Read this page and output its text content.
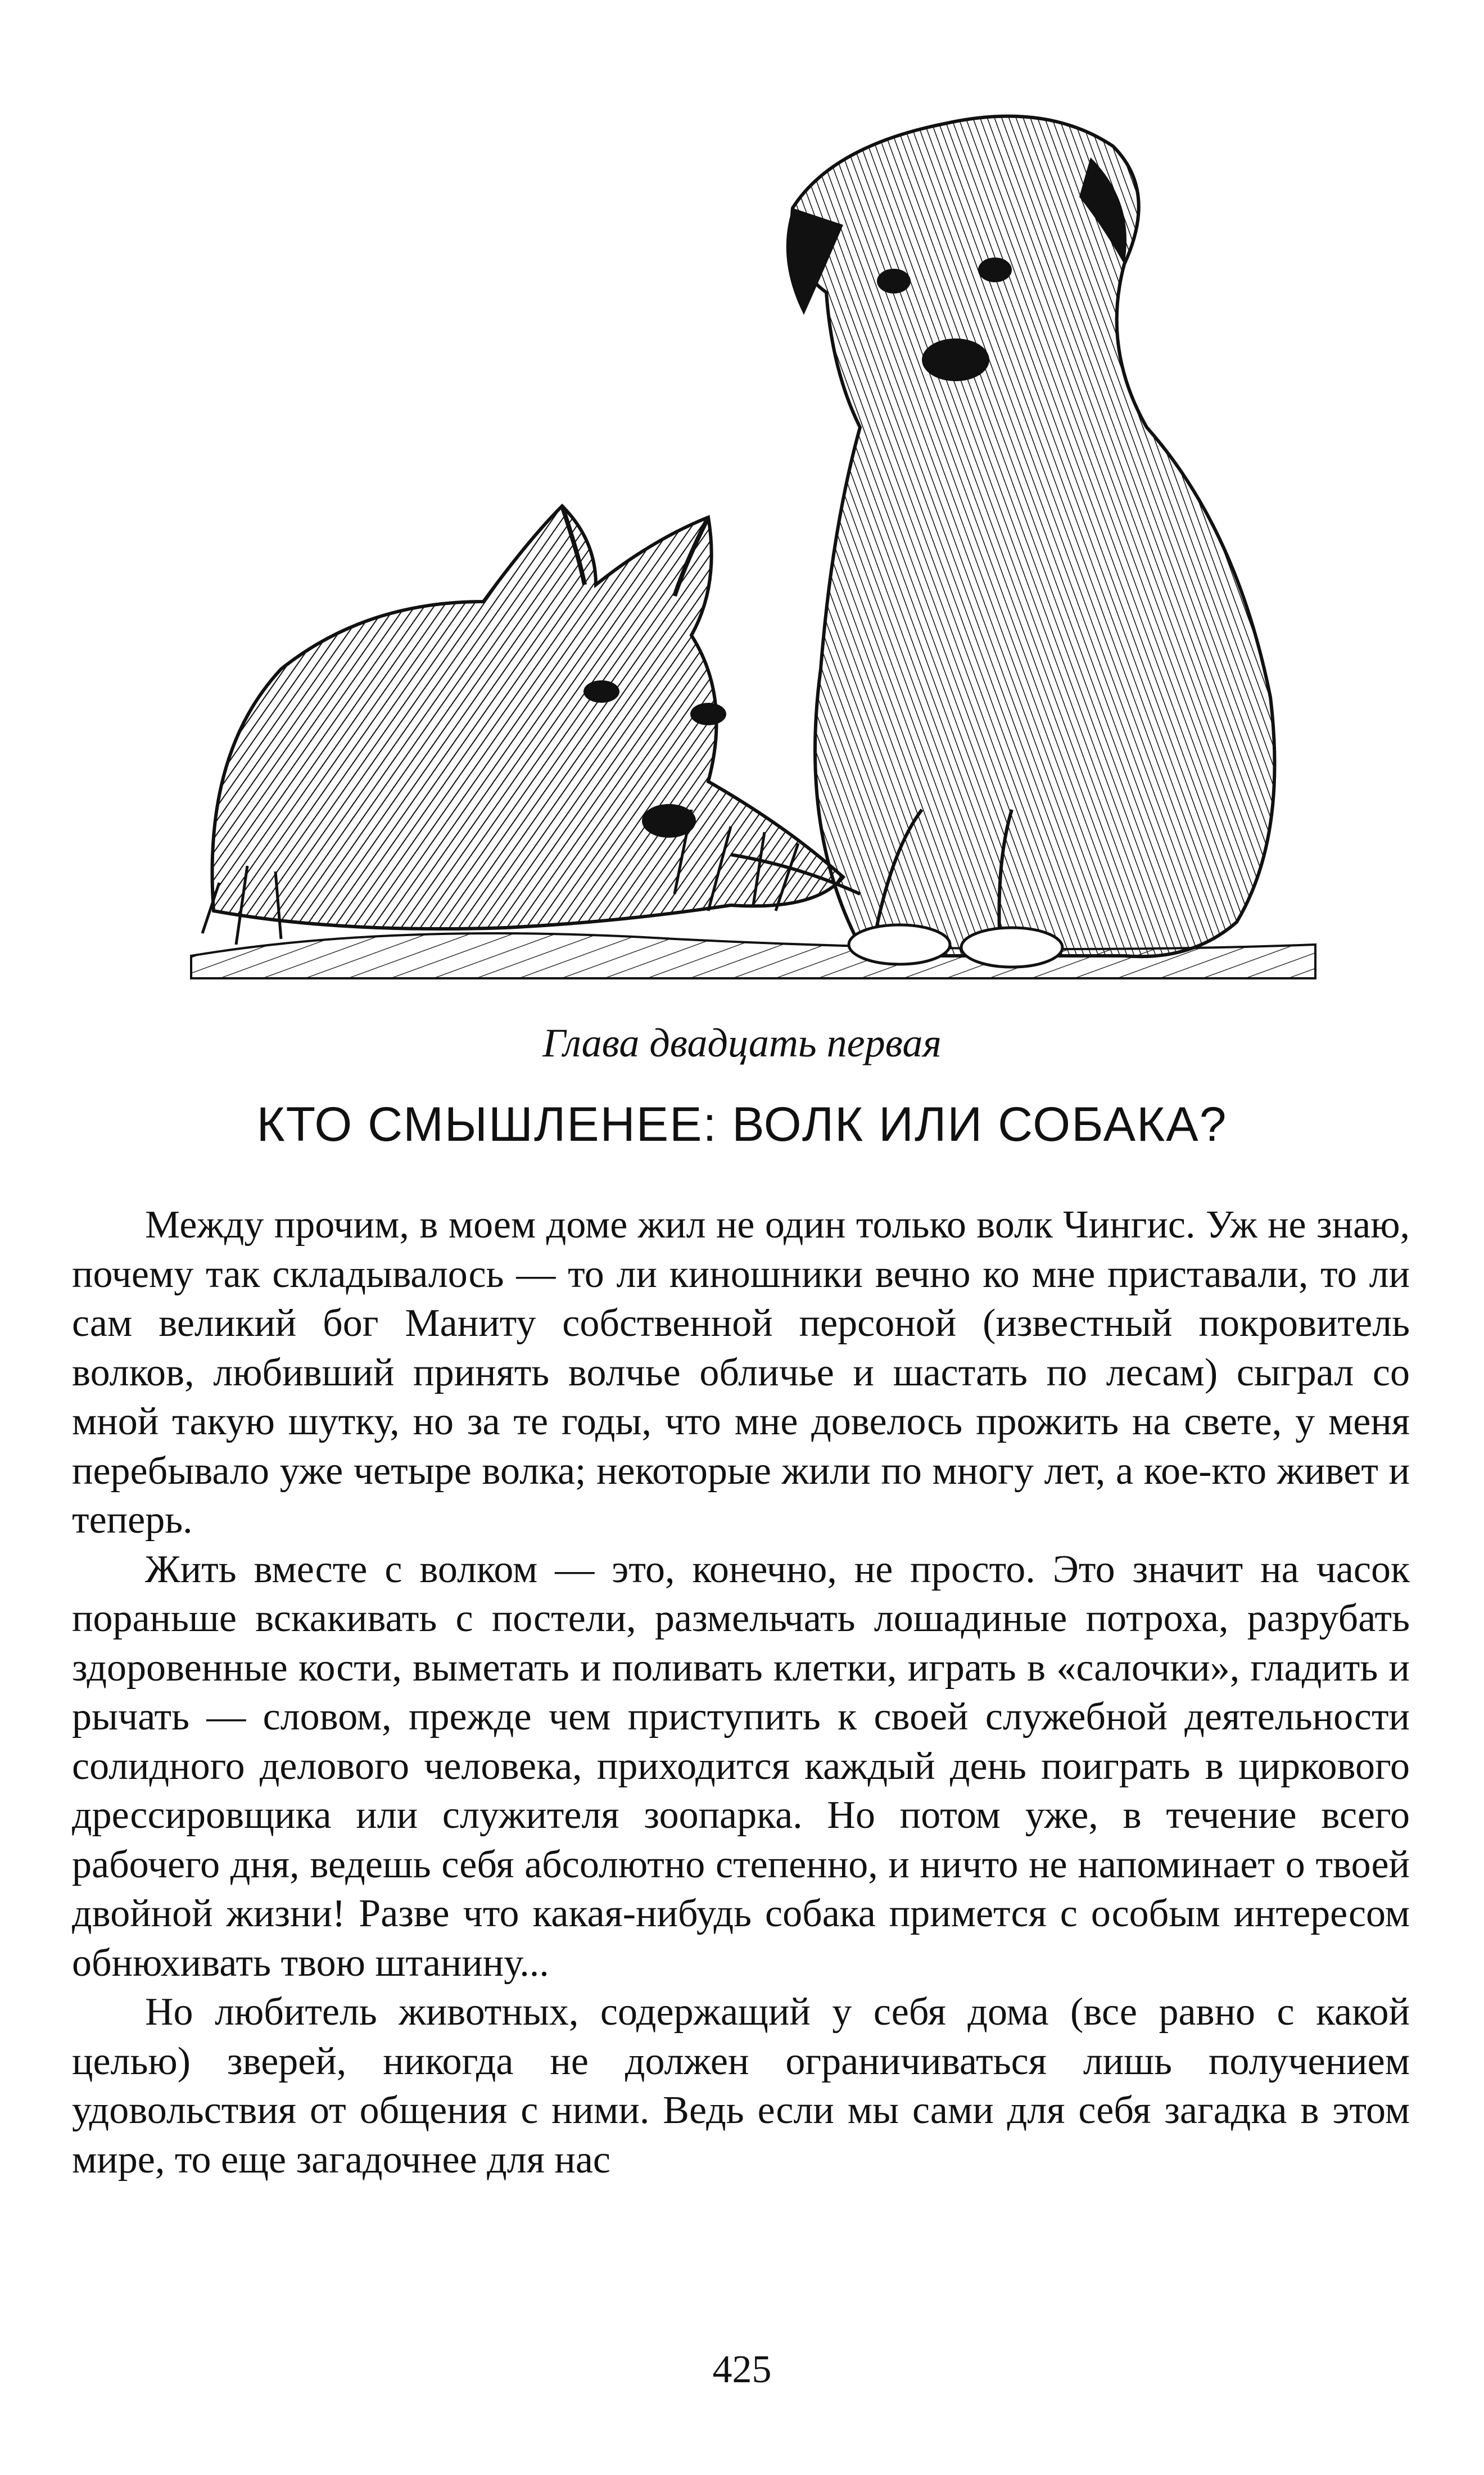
Глава двадцать первая
КТО СМЫШЛЕНЕЕ: ВОЛК ИЛИ СОБАКА?

Между прочим, в моем доме жил не один только волк Чингис. Уж не знаю, почему так складывалось — то ли киношники вечно ко мне приставали, то ли сам великий бог Маниту собственной персоной (известный покровитель волков, любивший принять волчье обличье и шастать по лесам) сыграл со мной такую шутку, но за те годы, что мне довелось прожить на свете, у меня перебывало уже четыре волка; некоторые жили по многу лет, а кое-кто живет и теперь.

Жить вместе с волком — это, конечно, не просто. Это значит на часок пораньше вскакивать с постели, размельчать лошадиные потроха, разрубать здоровенные кости, выметать и поливать клетки, играть в «салочки», гладить и рычать — словом, прежде чем приступить к своей служебной деятельности солидного делового человека, приходится каждый день поиграть в циркового дрессировщика или служителя зоопарка. Но потом уже, в течение всего рабочего дня, ведешь себя абсолютно степенно, и ничто не напоминает о твоей двойной жизни! Разве что какая-нибудь собака примется с особым интересом обнюхивать твою штанину...

Но любитель животных, содержащий у себя дома (все равно с какой целью) зверей, никогда не должен ограничиваться лишь получением удовольствия от общения с ними. Ведь если мы сами для себя загадка в этом мире, то еще загадочнее для нас

425
